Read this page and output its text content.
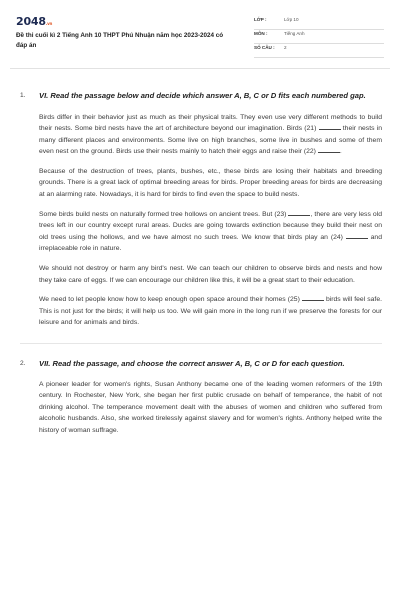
2048.vn
Đề thi cuối kì 2 Tiếng Anh 10 THPT Phú Nhuận năm học 2023-2024 có đáp án
LỚP :	Lớp 10
MÔN :	Tiếng Anh
SỐ CÂU : 2
1. VI. Read the passage below and decide which answer A, B, C or D fits each numbered gap.

Birds differ in their behavior just as much as their physical traits. They even use very different methods to build their nests. Some bird nests have the art of architecture beyond our imagination. Birds (21)	their nests in many different places and environments. Some live on high branches, some live in bushes and some of them even nest on the ground. Birds use their nests mainly to hatch their eggs and raise their (22)	.

Because of the destruction of trees, plants, bushes, etc., these birds are losing their habitats and breeding grounds. There is a great lack of optimal breeding areas for birds. Proper breeding areas for birds are decreasing at an alarming rate. Nowadays, it is hard for birds to find even the space to build nests.

Some birds build nests on naturally formed tree hollows on ancient trees. But (23)	, there are very less old trees left in our country except rural areas. Ducks are going towards extinction because they build their nest on old trees using the hollows, and we have almost no such trees. We know that birds play an (24)	and irreplaceable role in nature.

We should not destroy or harm any bird's nest. We can teach our children to observe birds and nests and how they take care of eggs. If we can encourage our children like this, it will be a great start to their education.

We need to let people know how to keep enough open space around their homes (25)	birds will feel safe. This is not just for the birds; it will help us too. We will gain more in the long run if we preserve the forests for our leisure and for animals and birds.

2. VII. Read the passage, and choose the correct answer A, B, C or D for each question.

A pioneer leader for women's rights, Susan Anthony became one of the leading women reformers of the 19th century. In Rochester, New York, she began her first public crusade on behalf of temperance, the habit of not drinking alcohol. The temperance movement dealt with the abuses of women and children who suffered from alcoholic husbands. Also, she worked tirelessly against slavery and for women's rights. Anthony helped write the history of woman suffrage.
